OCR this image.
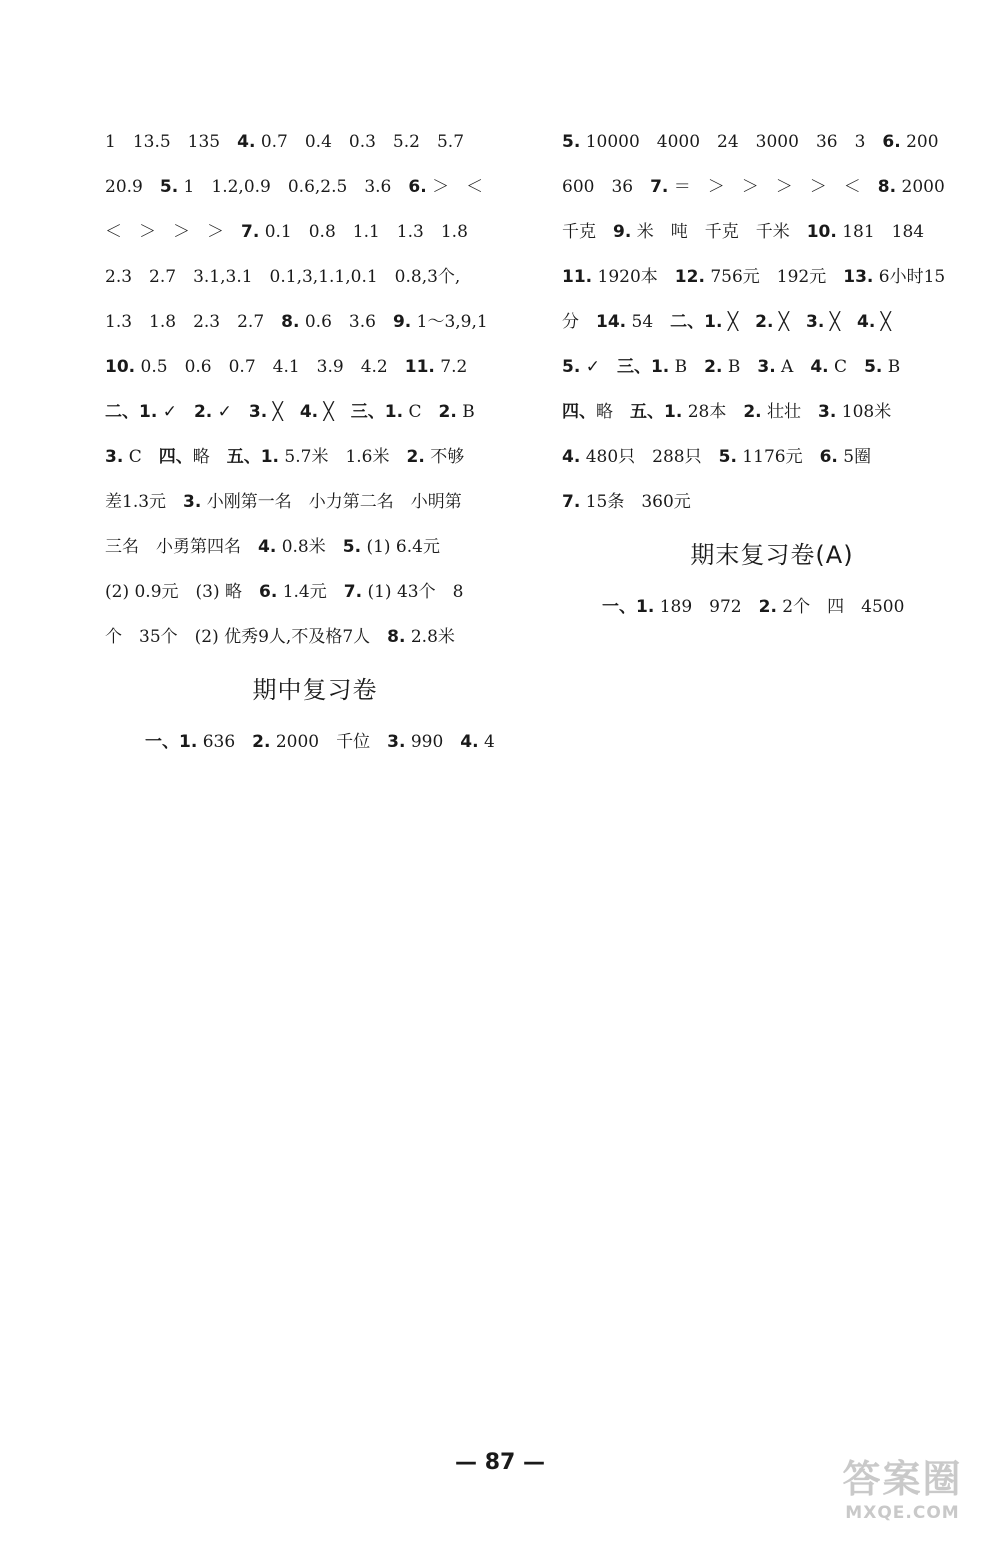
1　13.5　135　4. 0.7　0.4　0.3　5.2　5.7
20.9　5. 1　1.2,0.9　0.6,2.5　3.6　6. ＞　＜
＜　＞　＞　＞　7. 0.1　0.8　1.1　1.3　1.8
2.3　2.7　3.1,3.1　0.1,3,1.1,0.1　0.8,3个,
1.3　1.8　2.3　2.7　8. 0.6　3.6　9. 1～3,9,1
10. 0.5　0.6　0.7　4.1　3.9　4.2　11. 7.2
二、1. ✓　2. ✓　3. ╳　4. ╳　三、1. C　2. B
3. C　四、略　五、1. 5.7米　1.6米　2. 不够
差1.3元　3. 小刚第一名　小力第二名　小明第
三名　小勇第四名　4. 0.8米　5. (1) 6.4元
(2) 0.9元　(3) 略　6. 1.4元　7. (1) 43个　8
个　35个　(2) 优秀9人,不及格7人　8. 2.8米
期中复习卷
一、1. 636　2. 2000　千位　3. 990　4. 4
5. 10000　4000　24　3000　36　3　6. 200
600　36　7. ＝　＞　＞　＞　＞　＜　8. 2000
千克　9. 米　吨　千克　千米　10. 181　184
11. 1920本　12. 756元　192元　13. 6小时15
分　14. 54　二、1. ╳　2. ╳　3. ╳　4. ╳
5. ✓　三、1. B　2. B　3. A　4. C　5. B
四、略　五、1. 28本　2. 壮壮　3. 108米
4. 480只　288只　5. 1176元　6. 5圈
7. 15条　360元
期末复习卷(A)
一、1. 189　972　2. 2个　四　4500
— 87 —	答案圈
MXQE.COM
